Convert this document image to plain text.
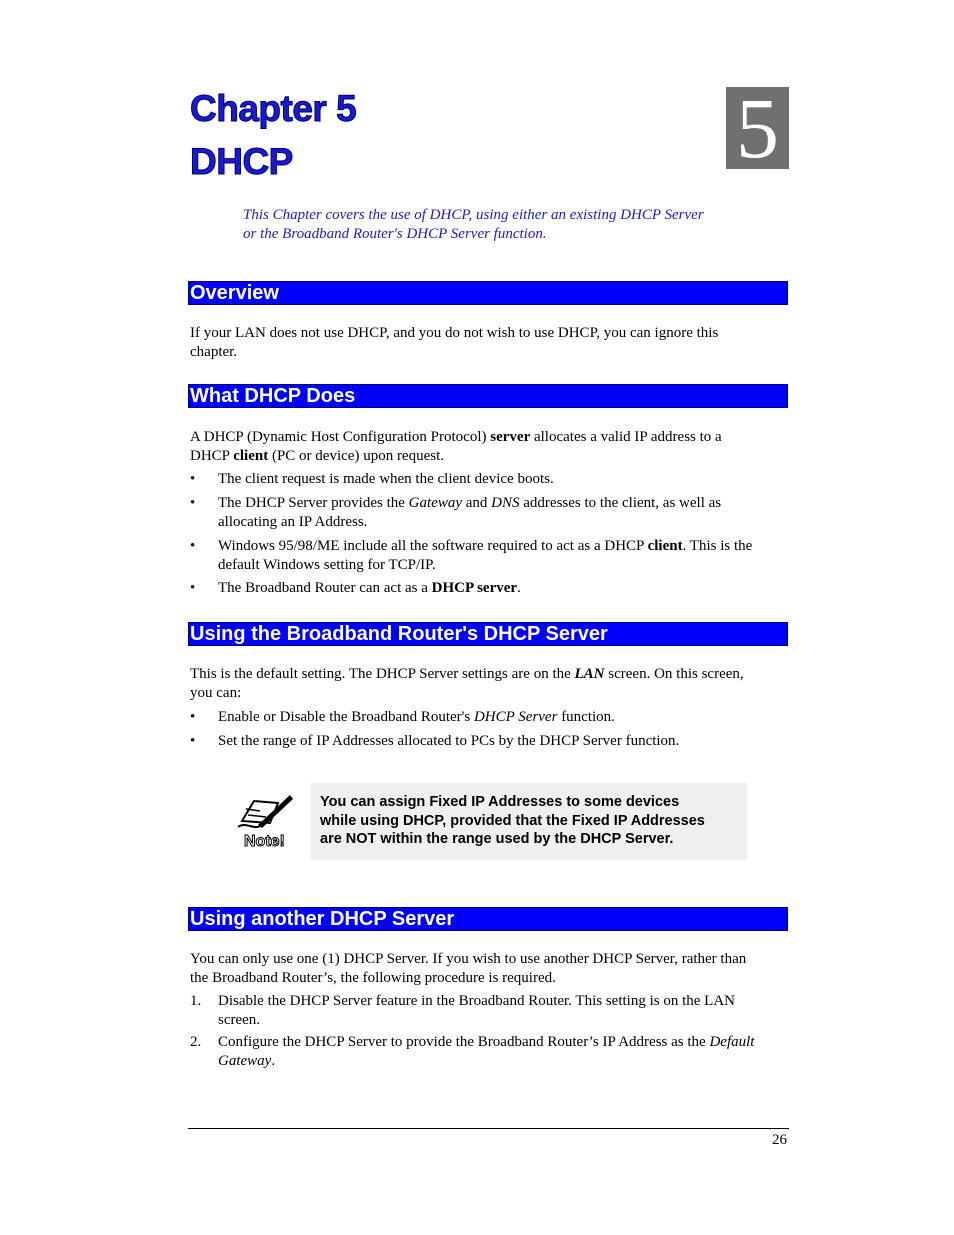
Chapter 5
DHCP	5
This Chapter covers the use of DHCP, using either an existing DHCP Server
or the Broadband Router's DHCP Server function.
Overview
If your LAN does not use DHCP, and you do not wish to use DHCP, you can ignore this
chapter.
What DHCP Does
A DHCP (Dynamic Host Configuration Protocol) server allocates a valid IP address to a
DHCP client (PC or device) upon request.
• The client request is made when the client device boots.
• The DHCP Server provides the Gateway and DNS addresses to the client, as well as
allocating an IP Address.
• Windows 95/98/ME include all the software required to act as a DHCP client. This is the
default Windows setting for TCP/IP.
• The Broadband Router can act as a DHCP server.
Using the Broadband Router's DHCP Server
This is the default setting. The DHCP Server settings are on the LAN screen. On this screen,
you can:
• Enable or Disable the Broadband Router's DHCP Server function.
• Set the range of IP Addresses allocated to PCs by the DHCP Server function.
Note!
You can assign Fixed IP Addresses to some devices
while using DHCP, provided that the Fixed IP Addresses
are NOT within the range used by the DHCP Server.
Using another DHCP Server
You can only use one (1) DHCP Server. If you wish to use another DHCP Server, rather than
the Broadband Router’s, the following procedure is required.
1. Disable the DHCP Server feature in the Broadband Router. This setting is on the LAN
screen.
2. Configure the DHCP Server to provide the Broadband Router’s IP Address as the Default
Gateway.
26
